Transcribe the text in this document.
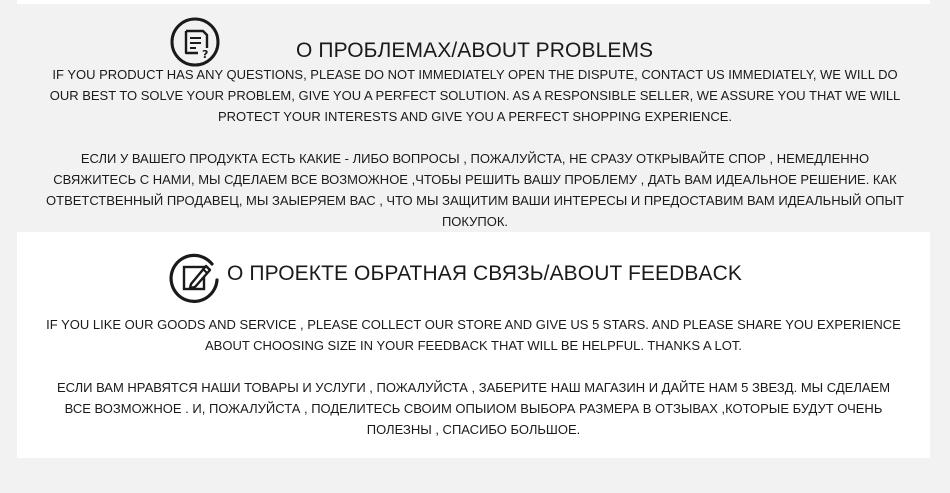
?	О ПРОБЛЕМАХ/ABOUT PROBLEMS
IF YOU PRODUCT HAS ANY QUESTIONS, PLEASE DO NOT IMMEDIATELY OPEN THE DISPUTE, CONTACT US IMMEDIATELY, WE WILL DO OUR BEST TO SOLVE YOUR PROBLEM, GIVE YOU A PERFECT SOLUTION. AS A RESPONSIBLE SELLER, WE ASSURE YOU THAT WE WILL PROTECT YOUR INTERESTS AND GIVE YOU A PERFECT SHOPPING EXPERIENCE.
ЕСЛИ У ВАШЕГО ПРОДУКТА ЕСТЬ КАКИЕ - ЛИБО ВОПРОСЫ , ПОЖАЛУЙСТА, НЕ СРАЗУ ОТКРЫВАЙТЕ СПОР , НЕМЕДЛЕННО СВЯЖИТЕСЬ С НАМИ, МЫ СДЕЛАЕМ ВСЕ ВОЗМОЖНОЕ ,ЧТОБЫ РЕШИТЬ ВАШУ ПРОБЛЕМУ , ДАТЬ ВАМ ИДЕАЛЬНОЕ РЕШЕНИЕ. КАК ОТВЕТСТВЕННЫЙ ПРОДАВЕЦ, МЫ ЗАЫЕРЯЕМ ВАС , ЧТО МЫ ЗАЩИТИМ ВАШИ ИНТЕРЕСЫ И ПРЕДОСТАВИМ ВАМ ИДЕАЛЬНЫЙ ОПЫТ ПОКУПОК.
О ПРОЕКТЕ ОБРАТНАЯ СВЯЗЬ/ABOUT FEEDBACK
IF YOU LIKE OUR GOODS AND SERVICE , PLEASE COLLECT OUR STORE AND GIVE US 5 STARS. AND PLEASE SHARE YOU EXPERIENCE ABOUT CHOOSING SIZE IN YOUR FEEDBACK THAT WILL BE HELPFUL. THANKS A LOT.
ЕСЛИ ВАМ НРАВЯТСЯ НАШИ ТОВАРЫ И УСЛУГИ , ПОЖАЛУЙСТА , ЗАБЕРИТЕ НАШ МАГАЗИН И ДАЙТЕ НАМ 5 ЗВЕЗД. МЫ СДЕЛАЕМ ВСЕ ВОЗМОЖНОЕ . И, ПОЖАЛУЙСТА , ПОДЕЛИТЕСЬ СВОИМ ОПЫИОМ ВЫБОРА РАЗМЕРА В ОТЗЫВАХ ,КОТОРЫЕ БУДУТ ОЧЕНЬ ПОЛЕЗНЫ , СПАСИБО БОЛЬШОЕ.
